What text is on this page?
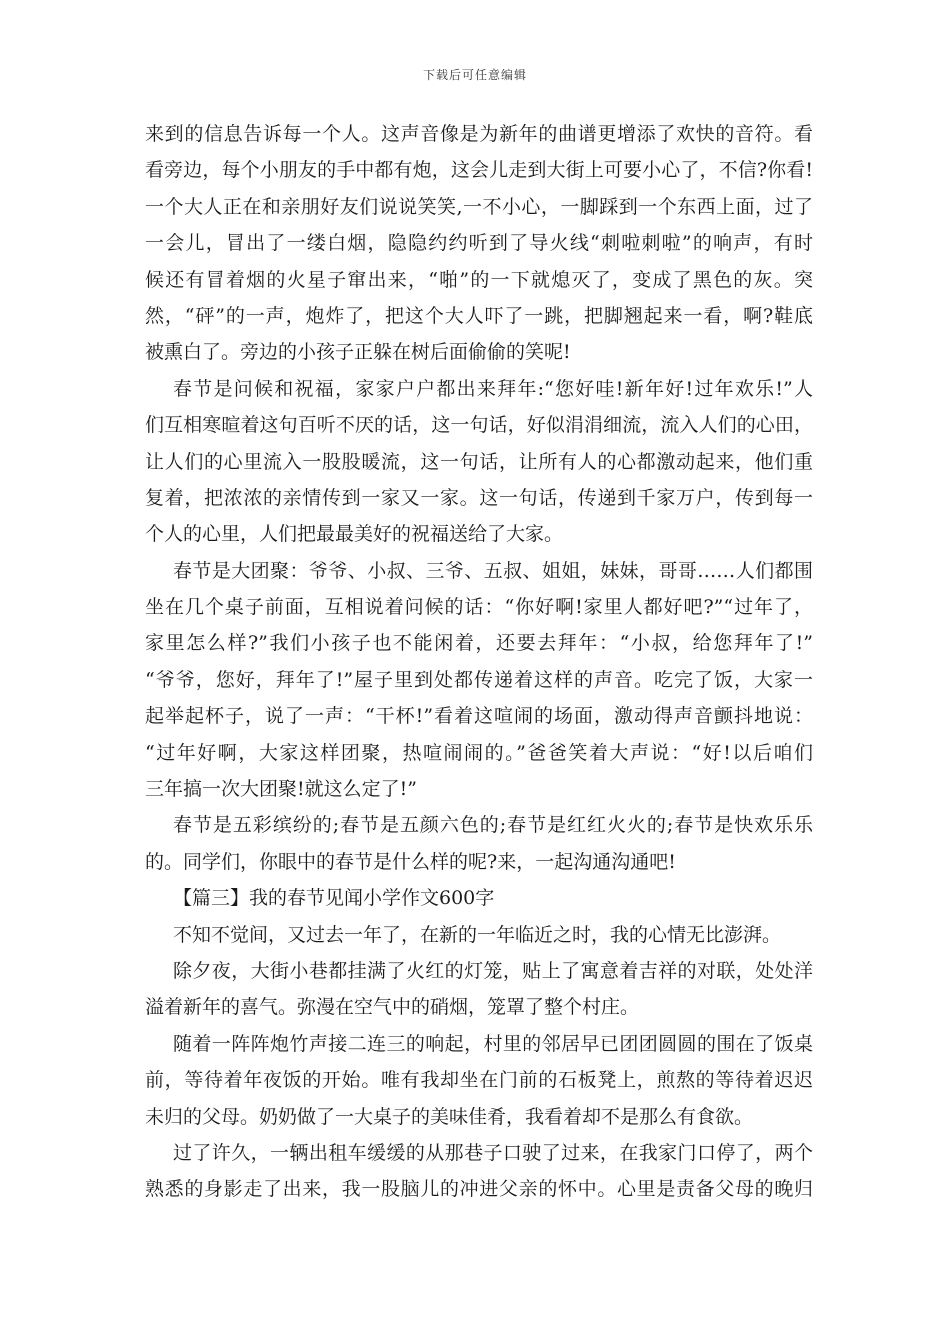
下载后可任意编辑
来到的信息告诉每一个人。这声音像是为新年的曲谱更增添了欢快的音符。看
看旁边，每个小朋友的手中都有炮，这会儿走到大街上可要小心了，不信?你看!
一个大人正在和亲朋好友们说说笑笑,一不小心，一脚踩到一个东西上面，过了
一会儿，冒出了一缕白烟，隐隐约约听到了导火线“刺啦刺啦”的响声，有时
候还有冒着烟的火星子窜出来，“啪”的一下就熄灭了，变成了黑色的灰。突
然，“砰”的一声，炮炸了，把这个大人吓了一跳，把脚翘起来一看，啊?鞋底
被熏白了。旁边的小孩子正躲在树后面偷偷的笑呢!
春节是问候和祝福，家家户户都出来拜年:“您好哇!新年好!过年欢乐!”人
们互相寒暄着这句百听不厌的话，这一句话，好似涓涓细流，流入人们的心田，
让人们的心里流入一股股暖流，这一句话，让所有人的心都激动起来，他们重
复着，把浓浓的亲情传到一家又一家。这一句话，传递到千家万户，传到每一
个人的心里，人们把最最美好的祝福送给了大家。
春节是大团聚：爷爷、小叔、三爷、五叔、姐姐，妹妹，哥哥……人们都围
坐在几个桌子前面，互相说着问候的话：“你好啊!家里人都好吧?”“过年了，
家里怎么样?”我们小孩子也不能闲着，还要去拜年：“小叔，给您拜年了!”
“爷爷，您好，拜年了!”屋子里到处都传递着这样的声音。吃完了饭，大家一
起举起杯子，说了一声：“干杯!”看着这喧闹的场面，激动得声音颤抖地说：
“过年好啊，大家这样团聚，热喧闹闹的。”爸爸笑着大声说：“好!以后咱们
三年搞一次大团聚!就这么定了!”
春节是五彩缤纷的;春节是五颜六色的;春节是红红火火的;春节是快欢乐乐
的。同学们，你眼中的春节是什么样的呢?来，一起沟通沟通吧!
【篇三】我的春节见闻小学作文600字
不知不觉间，又过去一年了，在新的一年临近之时，我的心情无比澎湃。
除夕夜，大街小巷都挂满了火红的灯笼，贴上了寓意着吉祥的对联，处处洋
溢着新年的喜气。弥漫在空气中的硝烟，笼罩了整个村庄。
随着一阵阵炮竹声接二连三的响起，村里的邻居早已团团圆圆的围在了饭桌
前，等待着年夜饭的开始。唯有我却坐在门前的石板凳上，煎熬的等待着迟迟
未归的父母。奶奶做了一大桌子的美味佳肴，我看着却不是那么有食欲。
过了许久，一辆出租车缓缓的从那巷子口驶了过来，在我家门口停了，两个
熟悉的身影走了出来，我一股脑儿的冲进父亲的怀中。心里是责备父母的晚归
